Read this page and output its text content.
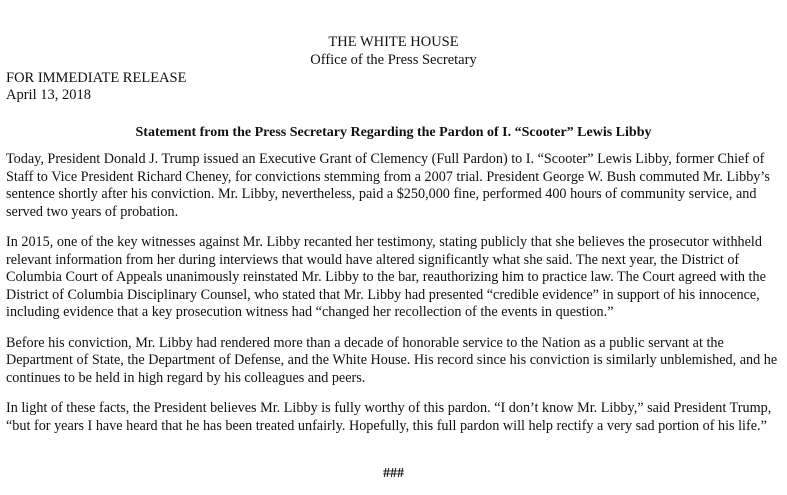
THE WHITE HOUSE
Office of the Press Secretary
FOR IMMEDIATE RELEASE
April 13, 2018
Statement from the Press Secretary Regarding the Pardon of I. “Scooter” Lewis Libby

Today, President Donald J. Trump issued an Executive Grant of Clemency (Full Pardon) to I. “Scooter” Lewis Libby, former Chief of Staff to Vice President Richard Cheney, for convictions stemming from a 2007 trial. President George W. Bush commuted Mr. Libby’s sentence shortly after his conviction. Mr. Libby, nevertheless, paid a $250,000 fine, performed 400 hours of community service, and served two years of probation.

In 2015, one of the key witnesses against Mr. Libby recanted her testimony, stating publicly that she believes the prosecutor withheld relevant information from her during interviews that would have altered significantly what she said. The next year, the District of Columbia Court of Appeals unanimously reinstated Mr. Libby to the bar, reauthorizing him to practice law. The Court agreed with the District of Columbia Disciplinary Counsel, who stated that Mr. Libby had presented “credible evidence” in support of his innocence, including evidence that a key prosecution witness had “changed her recollection of the events in question.”

Before his conviction, Mr. Libby had rendered more than a decade of honorable service to the Nation as a public servant at the Department of State, the Department of Defense, and the White House. His record since his conviction is similarly unblemished, and he continues to be held in high regard by his colleagues and peers.

In light of these facts, the President believes Mr. Libby is fully worthy of this pardon. “I don’t know Mr. Libby,” said President Trump, “but for years I have heard that he has been treated unfairly. Hopefully, this full pardon will help rectify a very sad portion of his life.”

###
